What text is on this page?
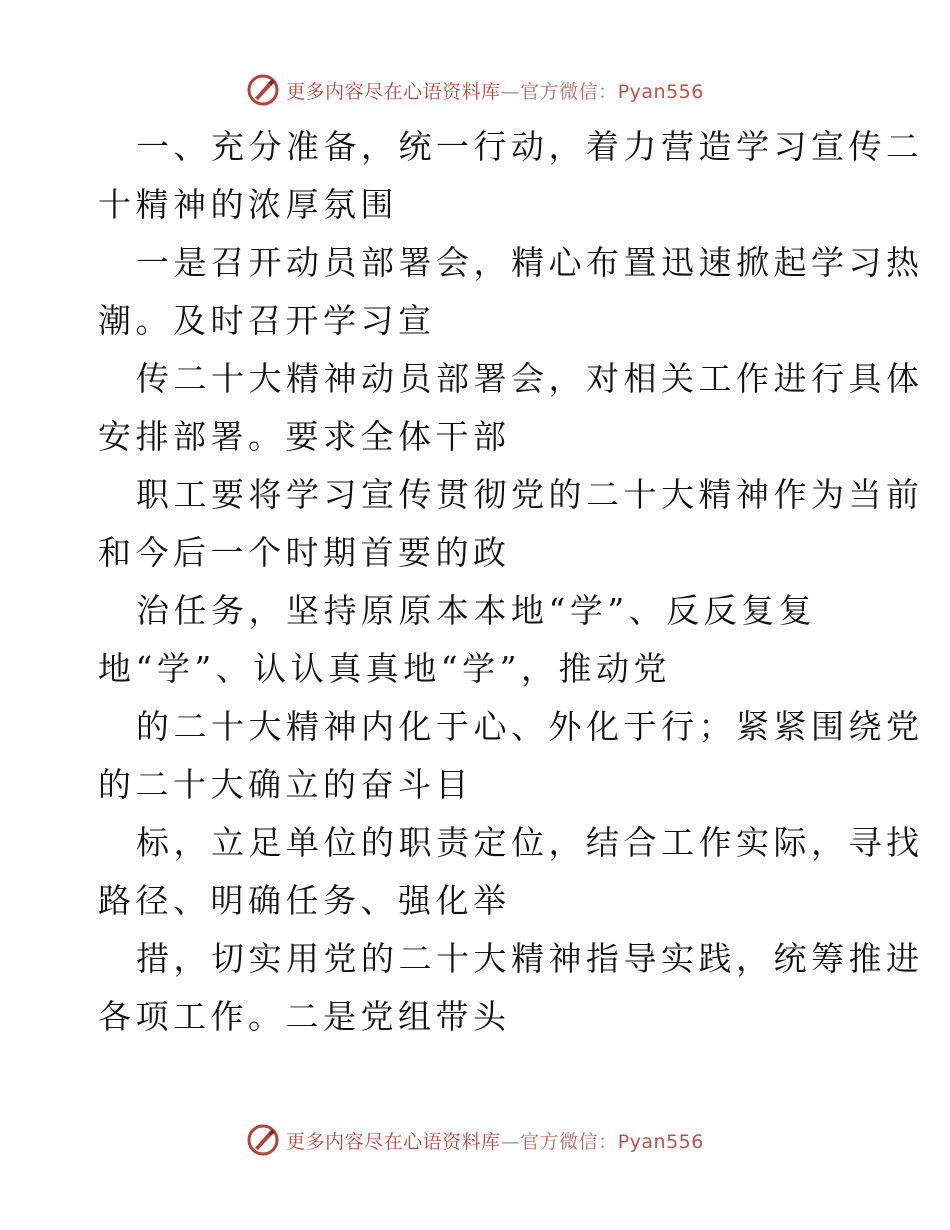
更多内容尽在心语资料库—官方微信：Pyan556
一、充分准备，统一行动，着力营造学习宣传二
十精神的浓厚氛围
一是召开动员部署会，精心布置迅速掀起学习热
潮。及时召开学习宣
传二十大精神动员部署会，对相关工作进行具体
安排部署。要求全体干部
职工要将学习宣传贯彻党的二十大精神作为当前
和今后一个时期首要的政
治任务，坚持原原本本地“学”、反反复复
地“学”、认认真真地“学”，推动党
的二十大精神内化于心、外化于行；紧紧围绕党
的二十大确立的奋斗目
标，立足单位的职责定位，结合工作实际，寻找
路径、明确任务、强化举
措，切实用党的二十大精神指导实践，统筹推进
各项工作。二是党组带头
更多内容尽在心语资料库—官方微信：Pyan556
